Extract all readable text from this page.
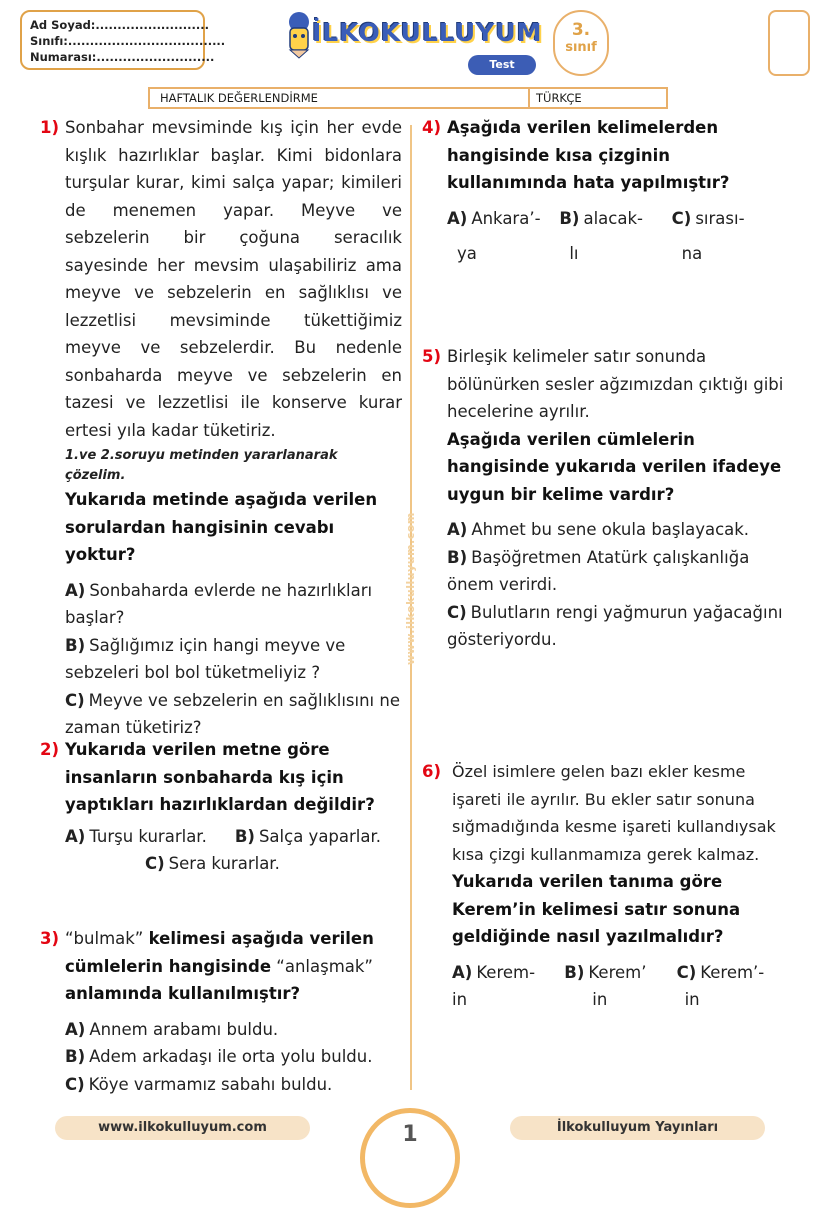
Ad Soyad:..........................
Sınıfı:....................................
Numarası:...........................
İLKOKULLUYUM
Test
3.
sınıf
HAFTALIK DEĞERLENDİRME	TÜRKÇE
www.ilkokulluyum.com
1) Sonbahar mevsiminde kış için her evde kışlık hazırlıklar başlar. Kimi bidonlara turşular kurar, kimi salça yapar; kimileri de menemen yapar. Meyve ve sebzelerin bir çoğuna seracılık sayesinde her mevsim ulaşabiliriz ama meyve ve sebzelerin en sağlıklısı ve lezzetlisi mevsiminde tükettiğimiz meyve ve sebzelerdir. Bu nedenle sonbaharda meyve ve sebzelerin en tazesi ve lezzetlisi ile konserve kurar ertesi yıla kadar tüketiriz.
1.ve 2.soruyu metinden yararlanarak çözelim.
Yukarıda metinde aşağıda verilen sorulardan hangisinin cevabı yoktur?
A) Sonbaharda evlerde ne hazırlıkları başlar?
B) Sağlığımız için hangi meyve ve sebzeleri bol bol tüketmeliyiz ?
C) Meyve ve sebzelerin en sağlıklısını ne zaman tüketiriz?
2) Yukarıda verilen metne göre insanların sonbaharda kış için yaptıkları hazırlıklardan değildir?
A) Turşu kurarlar. B) Salça yaparlar.
C) Sera kurarlar.
3) “bulmak” kelimesi aşağıda verilen cümlelerin hangisinde “anlaşmak” anlamında kullanılmıştır?
A) Annem arabamı buldu.
B) Adem arkadaşı ile orta yolu buldu.
C) Köye varmamız sabahı buldu.
4) Aşağıda verilen kelimelerden hangisinde kısa çizginin kullanımında hata yapılmıştır?
A) Ankara’-
ya
B) alacak-
lı
C) sırası-
na
5) Birleşik kelimeler satır sonunda bölünürken sesler ağzımızdan çıktığı gibi hecelerine ayrılır.
Aşağıda verilen cümlelerin hangisinde yukarıda verilen ifadeye uygun bir kelime vardır?
A) Ahmet bu sene okula başlayacak.
B) Başöğretmen Atatürk çalışkanlığa önem verirdi.
C) Bulutların rengi yağmurun yağacağını gösteriyordu.
6) Özel isimlere gelen bazı ekler kesme işareti ile ayrılır. Bu ekler satır sonuna sığmadığında kesme işareti kullandıysak kısa çizgi kullanmamıza gerek kalmaz.
Yukarıda verilen tanıma göre Kerem’in kelimesi satır sonuna geldiğinde nasıl yazılmalıdır?
A) Kerem-
in
B) Kerem’
in
C) Kerem’-
in
www.ilkokulluyum.com	İlkokulluyum Yayınları
1
